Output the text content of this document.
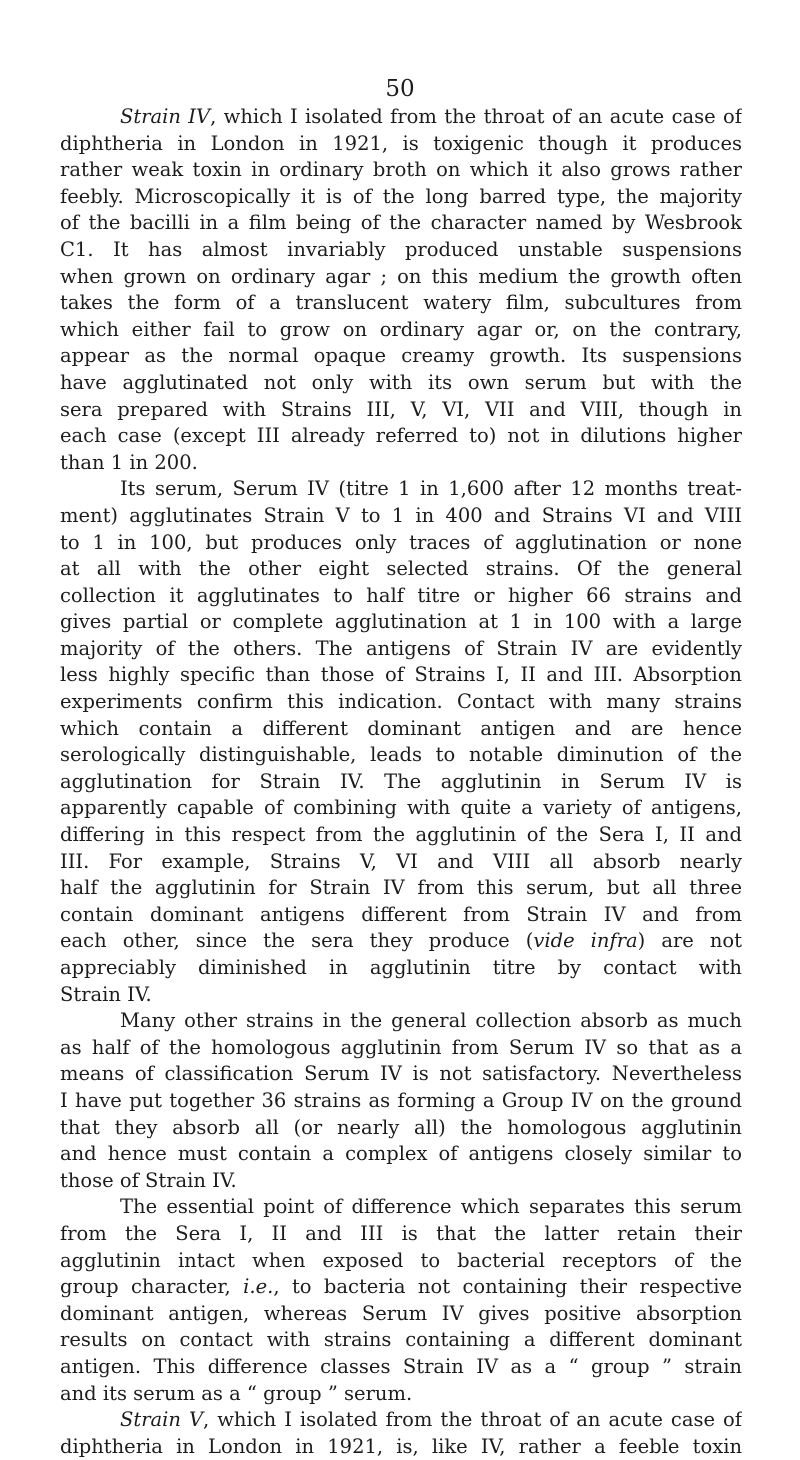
50
Strain IV, which I isolated from the throat of an acute case of
diphtheria in London in 1921, is toxigenic though it produces
rather weak toxin in ordinary broth on which it also grows rather
feebly. Microscopically it is of the long barred type, the majority
of the bacilli in a film being of the character named by Wesbrook
C1. It has almost invariably produced unstable suspensions
when grown on ordinary agar ; on this medium the growth often
takes the form of a translucent watery film, subcultures from
which either fail to grow on ordinary agar or, on the contrary,
appear as the normal opaque creamy growth. Its suspensions
have agglutinated not only with its own serum but with the
sera prepared with Strains III, V, VI, VII and VIII, though in
each case (except III already referred to) not in dilutions higher
than 1 in 200.
Its serum, Serum IV (titre 1 in 1,600 after 12 months treat-
ment) agglutinates Strain V to 1 in 400 and Strains VI and VIII
to 1 in 100, but produces only traces of agglutination or none
at all with the other eight selected strains. Of the general
collection it agglutinates to half titre or higher 66 strains and
gives partial or complete agglutination at 1 in 100 with a large
majority of the others. The antigens of Strain IV are evidently
less highly specific than those of Strains I, II and III. Absorption
experiments confirm this indication. Contact with many strains
which contain a different dominant antigen and are hence
serologically distinguishable, leads to notable diminution of the
agglutination for Strain IV. The agglutinin in Serum IV is
apparently capable of combining with quite a variety of antigens,
differing in this respect from the agglutinin of the Sera I, II and
III. For example, Strains V, VI and VIII all absorb nearly
half the agglutinin for Strain IV from this serum, but all three
contain dominant antigens different from Strain IV and from
each other, since the sera they produce (vide infra) are not
appreciably diminished in agglutinin titre by contact with
Strain IV.
Many other strains in the general collection absorb as much
as half of the homologous agglutinin from Serum IV so that as a
means of classification Serum IV is not satisfactory. Nevertheless
I have put together 36 strains as forming a Group IV on the ground
that they absorb all (or nearly all) the homologous agglutinin
and hence must contain a complex of antigens closely similar to
those of Strain IV.
The essential point of difference which separates this serum
from the Sera I, II and III is that the latter retain their
agglutinin intact when exposed to bacterial receptors of the
group character, i.e., to bacteria not containing their respective
dominant antigen, whereas Serum IV gives positive absorption
results on contact with strains containing a different dominant
antigen. This difference classes Strain IV as a “ group ” strain
and its serum as a “ group ” serum.
Strain V, which I isolated from the throat of an acute case of
diphtheria in London in 1921, is, like IV, rather a feeble toxin
